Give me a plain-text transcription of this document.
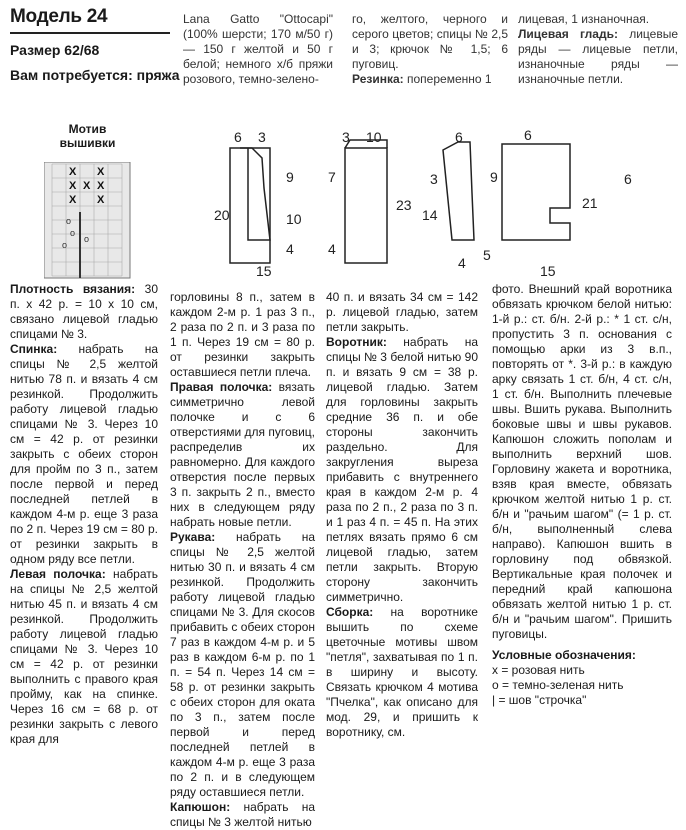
Модель 24
Размер 62/68
Вам потребуется: пряжа
Lana Gatto "Ottocapi" (100% шерсти; 170 м/50 г) — 150 г желтой и 50 г белой; немного х/б пряжи розового, темно-зелено-
го, желтого, черного и серого цветов; спицы № 2,5 и 3; крючок № 1,5; 6 пуговиц.
Резинка: попеременно 1
лицевая, 1 изнаночная.
Лицевая гладь: лицевые ряды — лицевые петли, изнаночные ряды — изнаночные петли.
Мотив вышивки
X X
X X X
X X
o
o
o
o
6 3
20
9
10
4
15
3 10
7
4
23
6
3
14
4 5
6
9
21
6
15
Плотность вязания: 30 п. х 42 р. = 10 х 10 см, связано лицевой гладью спицами № 3.
Спинка: набрать на спицы № 2,5 желтой нитью 78 п. и вязать 4 см резинкой. Продолжить работу лицевой гладью спицами № 3. Через 10 см = 42 р. от резинки закрыть с обеих сторон для пройм по 3 п., затем после первой и перед последней петлей в каждом 4-м р. еще 3 раза по 2 п. Через 19 см = 80 р. от резинки закрыть в одном ряду все петли.
Левая полочка: набрать на спицы № 2,5 желтой нитью 45 п. и вязать 4 см резинкой. Продолжить работу лицевой гладью спицами № 3. Через 10 см = 42 р. от резинки выполнить с правого края пройму, как на спинке. Через 16 см = 68 р. от резинки закрыть с левого края для
горловины 8 п., затем в каждом 2-м р. 1 раз 3 п., 2 раза по 2 п. и 3 раза по 1 п. Через 19 см = 80 р. от резинки закрыть оставшиеся петли плеча.
Правая полочка: вязать симметрично левой полочке и с 6 отверстиями для пуговиц, распределив их равномерно. Для каждого отверстия после первых 3 п. закрыть 2 п., вместо них в следующем ряду набрать новые петли.
Рукава: набрать на спицы № 2,5 желтой нитью 30 п. и вязать 4 см резинкой. Продолжить работу лицевой гладью спицами № 3. Для скосов прибавить с обеих сторон 7 раз в каждом 4-м р. и 5 раз в каждом 6-м р. по 1 п. = 54 п. Через 14 см = 58 р. от резинки закрыть с обеих сторон для оката по 3 п., затем после первой и перед последней петлей в каждом 4-м р. еще 3 раза по 2 п. и в следующем ряду оставшиеся петли.
Капюшон: набрать на спицы № 3 желтой нитью
40 п. и вязать 34 см = 142 р. лицевой гладью, затем петли закрыть.
Воротник: набрать на спицы № 3 белой нитью 90 п. и вязать 9 см = 38 р. лицевой гладью. Затем для горловины закрыть средние 36 п. и обе стороны закончить раздельно. Для закругления выреза прибавить с внутреннего края в каждом 2-м р. 4 раза по 2 п., 2 раза по 3 п. и 1 раз 4 п. = 45 п. На этих петлях вязать прямо 6 см лицевой гладью, затем петли закрыть. Вторую сторону закончить симметрично.
Сборка: на воротнике вышить по схеме цветочные мотивы швом "петля", захватывая по 1 п. в ширину и высоту. Связать крючком 4 мотива "Пчелка", как описано для мод. 29, и пришить к воротнику, см.
фото. Внешний край воротника обвязать крючком белой нитью: 1-й р.: ст. б/н. 2-й р.: * 1 ст. с/н, пропустить 3 п. основания с помощью арки из 3 в.п., повторять от *. 3-й р.: в каждую арку связать 1 ст. б/н, 4 ст. с/н, 1 ст. б/н. Выполнить плечевые швы. Вшить рукава. Выполнить боковые швы и швы рукавов. Капюшон сложить пополам и выполнить верхний шов. Горловину жакета и воротника, взяв края вместе, обвязать крючком желтой нитью 1 р. ст. б/н и "рачьим шагом" (= 1 р. ст. б/н, выполненный слева направо). Капюшон вшить в горловину под обвязкой. Вертикальные края полочек и передний край капюшона обвязать желтой нитью 1 р. ст. б/н и "рачьим шагом". Пришить пуговицы.
Условные обозначения:
x = розовая нить
o = темно-зеленая нить
| = шов "строчка"
